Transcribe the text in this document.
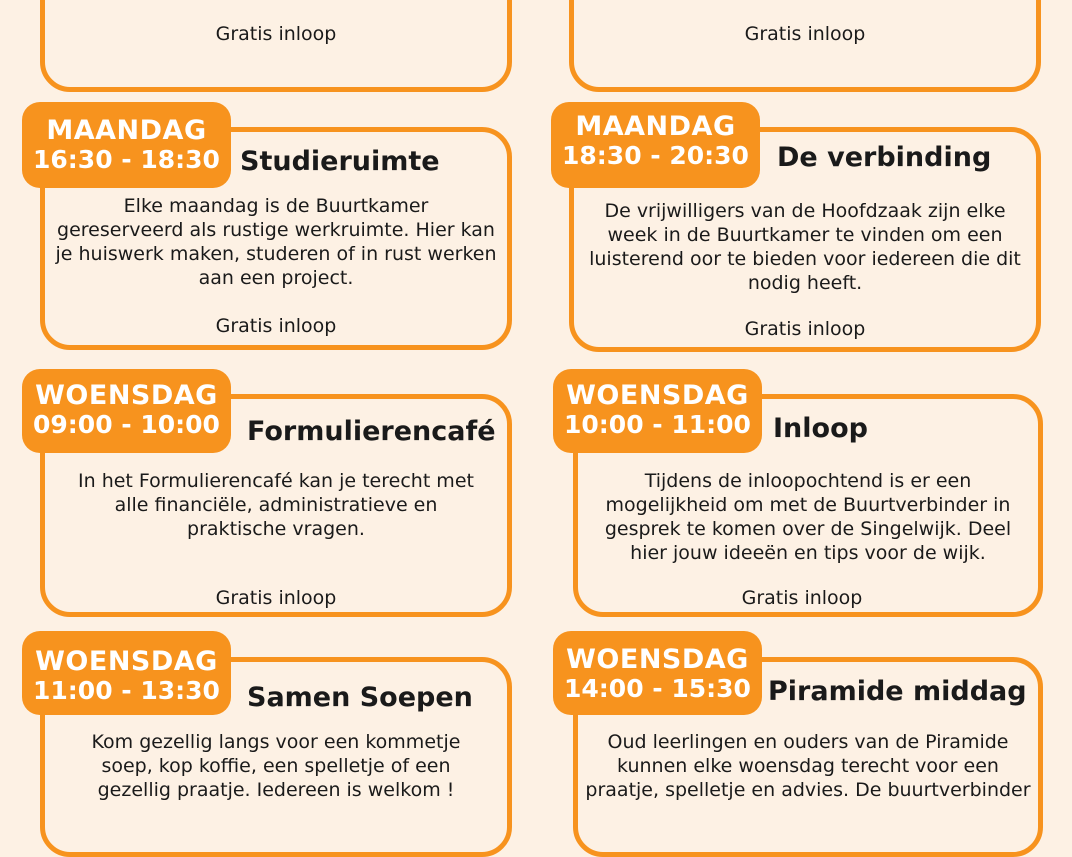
Gratis inloop	Gratis inloop
Studieruimte
Elke maandag is de Buurtkamer
gereserveerd als rustige werkruimte. Hier kan
je huiswerk maken, studeren of in rust werken
aan een project.
Gratis inloop
MAANDAG
16:30 - 18:30	De verbinding
De vrijwilligers van de Hoofdzaak zijn elke
week in de Buurtkamer te vinden om een
luisterend oor te bieden voor iedereen die dit
nodig heeft.
Gratis inloop
MAANDAG
18:30 - 20:30
Formulierencafé
In het Formulierencafé kan je terecht met
alle financiële, administratieve en
praktische vragen.
Gratis inloop
WOENSDAG
09:00 - 10:00	Inloop
Tijdens de inloopochtend is er een
mogelijkheid om met de Buurtverbinder in
gesprek te komen over de Singelwijk. Deel
hier jouw ideeën en tips voor de wijk.
Gratis inloop
WOENSDAG
10:00 - 11:00
Samen Soepen
Kom gezellig langs voor een kommetje
soep, kop koffie, een spelletje of een
gezellig praatje. Iedereen is welkom !
WOENSDAG
11:00 - 13:30	Piramide middag
Oud leerlingen en ouders van de Piramide
kunnen elke woensdag terecht voor een
praatje, spelletje en advies. De buurtverbinder
WOENSDAG
14:00 - 15:30
